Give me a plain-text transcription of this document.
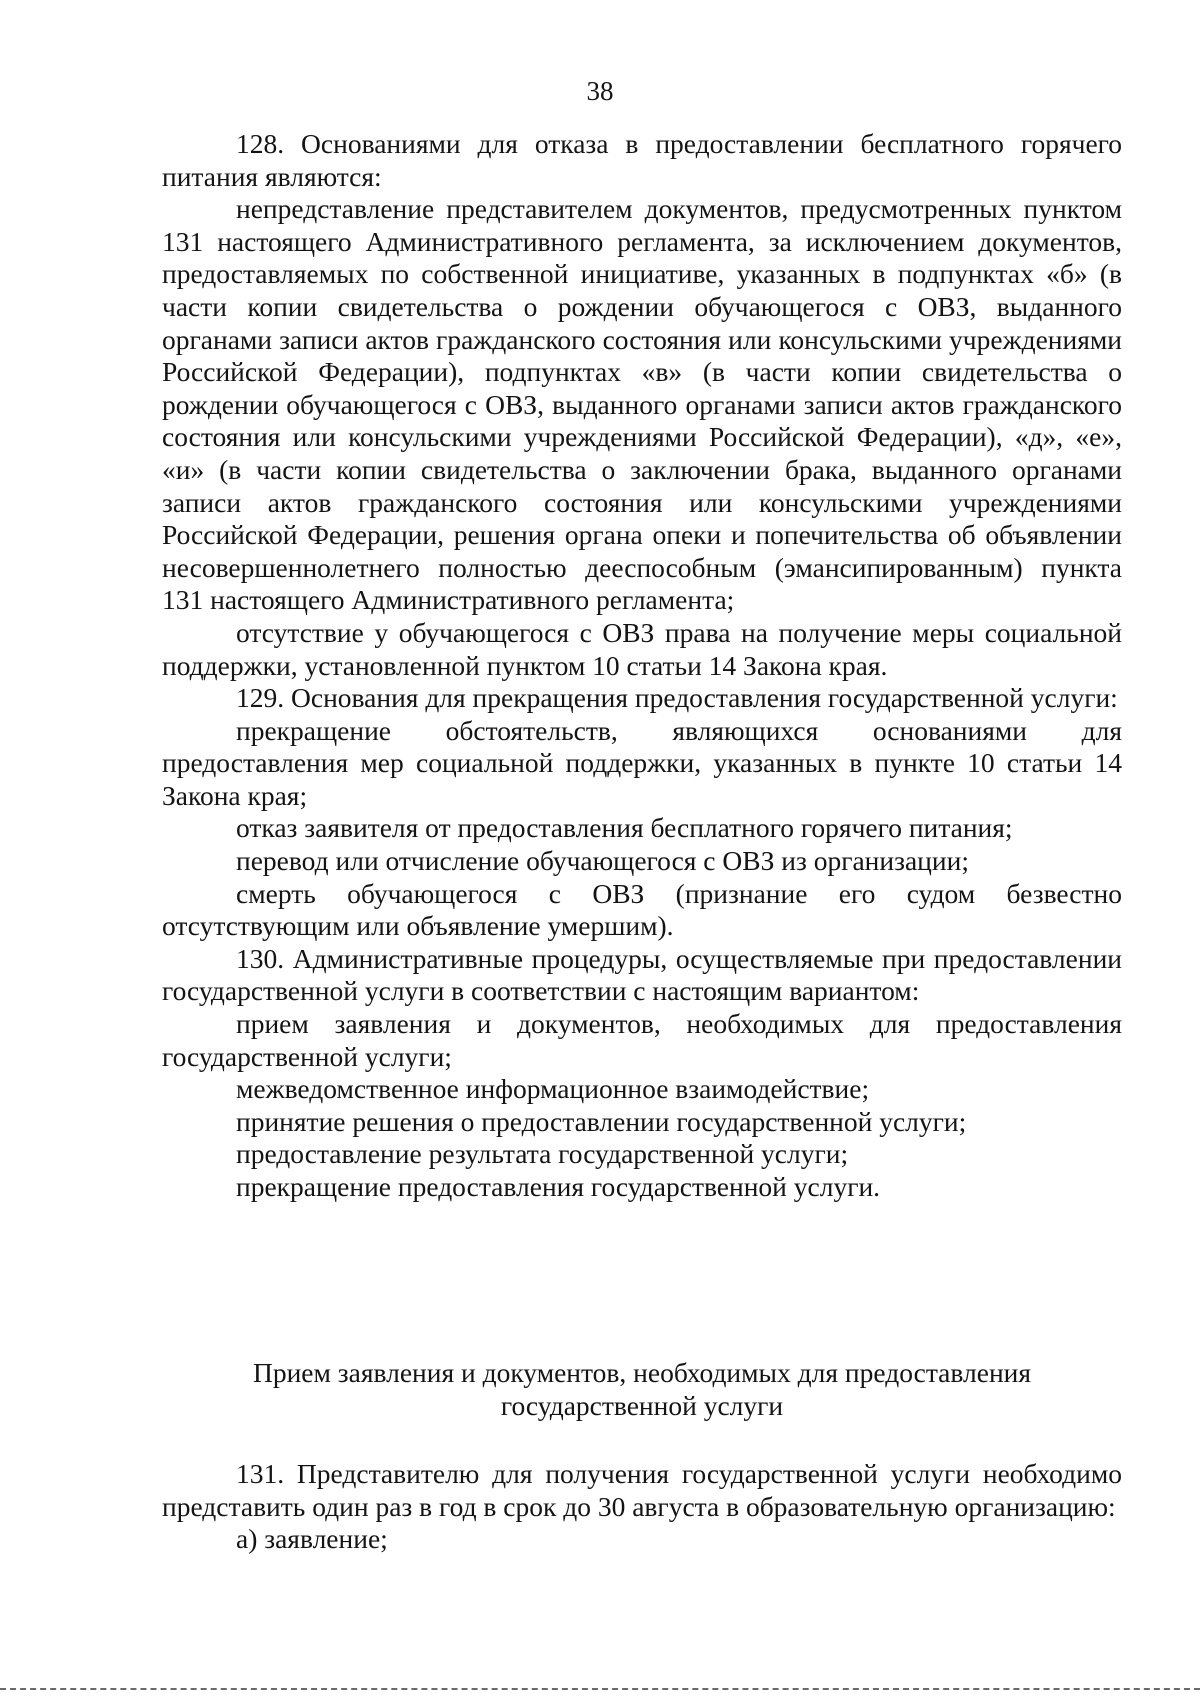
38

128. Основаниями для отказа в предоставлении бесплатного горячего питания являются:

непредставление представителем документов, предусмотренных пунктом 131 настоящего Административного регламента, за исключением документов, предоставляемых по собственной инициативе, указанных в подпунктах «б» (в части копии свидетельства о рождении обучающегося с ОВЗ, выданного органами записи актов гражданского состояния или консульскими учреждениями Российской Федерации), подпунктах «в» (в части копии свидетельства о рождении обучающегося с ОВЗ, выданного органами записи актов гражданского состояния или консульскими учреждениями Российской Федерации), «д», «е», «и» (в части копии свидетельства о заключении брака, выданного органами записи актов гражданского состояния или консульскими учреждениями Российской Федерации, решения органа опеки и попечительства об объявлении несовершеннолетнего полностью дееспособным (эмансипированным) пункта 131 настоящего Административного регламента;

отсутствие у обучающегося с ОВЗ права на получение меры социальной поддержки, установленной пунктом 10 статьи 14 Закона края.

129. Основания для прекращения предоставления государственной услуги:

прекращение обстоятельств, являющихся основаниями для предоставления мер социальной поддержки, указанных в пункте 10 статьи 14 Закона края;

отказ заявителя от предоставления бесплатного горячего питания;

перевод или отчисление обучающегося с ОВЗ из организации;

смерть обучающегося с ОВЗ (признание его судом безвестно отсутствующим или объявление умершим).

130. Административные процедуры, осуществляемые при предоставлении государственной услуги в соответствии с настоящим вариантом:

прием заявления и документов, необходимых для предоставления государственной услуги;

межведомственное информационное взаимодействие;

принятие решения о предоставлении государственной услуги;

предоставление результата государственной услуги;

прекращение предоставления государственной услуги.

Прием заявления и документов, необходимых для предоставления государственной услуги

131. Представителю для получения государственной услуги необходимо представить один раз в год в срок до 30 августа в образовательную организацию:

а) заявление;
